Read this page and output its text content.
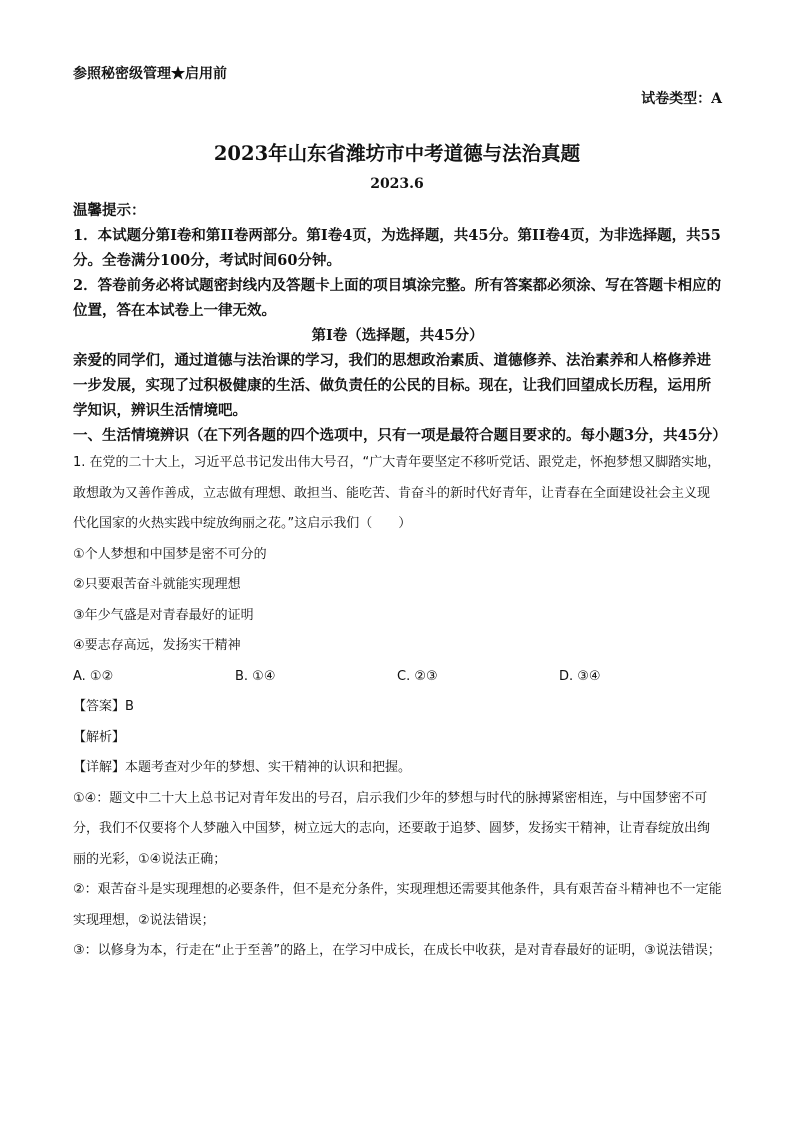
参照秘密级管理★启用前
试卷类型：A
2023年山东省潍坊市中考道德与法治真题
2023.6

温馨提示：

1．本试题分第I卷和第II卷两部分。第I卷4页，为选择题，共45分。第II卷4页，为非选择题，共55分。全卷满分100分，考试时间60分钟。

2．答卷前务必将试题密封线内及答题卡上面的项目填涂完整。所有答案都必须涂、写在答题卡相应的位置，答在本试卷上一律无效。

第I卷（选择题，共45分）

亲爱的同学们，通过道德与法治课的学习，我们的思想政治素质、道德修养、法治素养和人格修养进一步发展，实现了过积极健康的生活、做负责任的公民的目标。现在，让我们回望成长历程，运用所学知识，辨识生活情境吧。

一、生活情境辨识（在下列各题的四个选项中，只有一项是最符合题目要求的。每小题3分，共45分）

1. 在党的二十大上，习近平总书记发出伟大号召，“广大青年要坚定不移听党话、跟党走，怀抱梦想又脚踏实地，敢想敢为又善作善成，立志做有理想、敢担当、能吃苦、肯奋斗的新时代好青年，让青春在全面建设社会主义现代化国家的火热实践中绽放绚丽之花。”这启示我们（　　）

①个人梦想和中国梦是密不可分的

②只要艰苦奋斗就能实现理想

③年少气盛是对青春最好的证明

④要志存高远，发扬实干精神

A. ①②	B. ①④	C. ②③	D. ③④

【答案】B

【解析】

【详解】本题考查对少年的梦想、实干精神的认识和把握。

①④：题文中二十大上总书记对青年发出的号召，启示我们少年的梦想与时代的脉搏紧密相连，与中国梦密不可分，我们不仅要将个人梦融入中国梦，树立远大的志向，还要敢于追梦、圆梦，发扬实干精神，让青春绽放出绚丽的光彩，①④说法正确；

②：艰苦奋斗是实现理想的必要条件，但不是充分条件，实现理想还需要其他条件，具有艰苦奋斗精神也不一定能实现理想，②说法错误；

③：以修身为本，行走在“止于至善”的路上，在学习中成长，在成长中收获，是对青春最好的证明，③说法错误；
